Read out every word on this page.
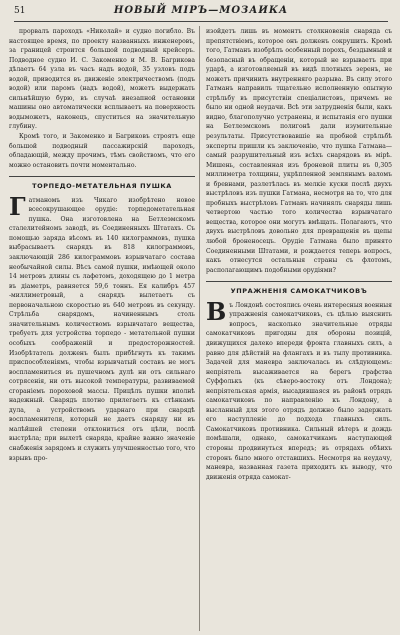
51	НОВЫЙ МІРЪ—МОЗАИКА

прорвалъ пароходъ «Николай» и судно погибло. Въ настоящее время, по проекту названныхъ инженеровъ, за границей строится большой подводный крейсеръ. Подводное судно И. С. Закоменко и М. В. Багрикова дѣлаетъ 64 узла въ часъ надъ водой, 35 узловъ подъ водой, приводится въ движеніе электричествомъ (подъ водой) или паромъ (надъ водой), можетъ выдержать сильнѣйшую бурю, въ случаѣ внезапной остановки машины оно автоматически всплываетъ на поверхность водыможетъ, наконецъ, спуститься на значительную глубину.

Кромѣ того, и Закоменко и Багриковъ строятъ еще большой подводный пассажирскій пароходъ, обладающій, между прочимъ, тѣмъ свойствомъ, что его можно остановить почти моментально.

ТОРПЕДО-МЕТАТЕЛЬНАЯ ПУШКА

Гатманомъ изъ Чикаго изобрѣтено новое всесокрушающее орудіе: торпедометательная пушка. Она изготовлена на Бетлеэмскомъ сталелитейномъ заводѣ, въ Соединенныхъ Штатахъ. Съ помощью заряда вѣсомъ въ 140 килограммовъ, пушка выбрасываетъ снарядъ въ 818 килограммовъ, заключающій 286 килограммовъ взрывчатаго состава необычайной силы. Вѣсъ самой пушки, имѣющей около 14 метровъ длины съ лафетомъ, доходящею до 1 метра въ діаметръ, равняется 59,6 тоннъ. Ея калибръ 457 -миллиметровый, а снарядъ вылетаетъ съ первоначальною скоростью въ 640 метровъ въ секунду. Стрѣльба снарядомъ, начиненнымъ столь значительнымъ количествомъ взрывчатаго вещества, требуетъ для устройства торпедо - метательной пушки особыхъ соображеній и предосторожностей. Изобрѣтатель долженъ былъ прибѣгнуть къ такимъ приспособленіямъ, чтобы взрывчатый составъ не могъ воспламениться въ пушечномъ дулѣ ни отъ сильнаго сотрясенія, ни отъ высокой температуры, развиваемой сгораніемъ пороховой массы. Прицѣлъ пушки вполнѣ надежный. Снарядъ плотно прилегаетъ къ стѣнкамъ дула, а устройствомъ ударнаго при снарядѣ воспламенителя, который не даетъ снаряду ни въ малѣйшей степени отклониться отъ цѣли, послѣ выстрѣла; при вылетѣ снаряда, крайне важно значеніе снабженія зарядомъ и служить улучшенностью того, что взрывъ про-

изойдетъ лишь въ моментъ столкновенія снаряда съ препятствіемъ, которое онъ долженъ сокрушить. Кромѣ того, Гатманъ изобрѣлъ особенный порохъ, бездымный и безопасный въ обращеніи, который не взрываетъ при ударѣ, а изготовляемый въ видѣ плотныхъ зеренъ, не можетъ причинить внутренняго разрыва. Въ силу этого Гатманъ направилъ тщательно исполненную опытную стрѣльбу въ присутствіи спеціалистовъ, причемъ не было ни одной неудачи. Всѣ эти затрудненія были, какъ видно, благополучно устранены, и испытанія его пушки на Бетлеэмскомъ полигонѣ дали изумительные результаты. Присутствовавшіе на пробной стрѣльбѣ эксперты пришли къ заключенію, что пушка Гатмана—самый разрушительный изъ всѣхъ снарядовъ въ мірѣ. Мишень, составленная изъ броневой плиты въ 0,305 миллиметра толщины, укрѣпленной землянымъ валомъ и бревнами, разлетѣлась въ мелкіе куски послѣ двухъ выстрѣловъ изъ пушки Гатмана, несмотря на то, что для пробныхъ выстрѣловъ Гатманъ начинялъ снаряды лишь четвертою частью того количества взрывчатаго вещества, которое они могутъ вмѣщать. Полагаютъ, что двухъ выстрѣловъ довольно для превращенія въ щепы любой броненосецъ. Орудіе Гатмана было принято Соединенными Штатами, и рождается теперь вопросъ, какъ отнесутся остальныя страны съ флотомъ, располагающимъ подобными орудіями?

УПРАЖНЕНІЯ САМОКАТЧИКОВЪ

Въ Лондонѣ состоялись очень интересныя военныя упражненія самокатчиковъ, съ цѣлью выяснить вопросъ, насколько значительные отряды самокатчиковъ пригодны для обороны позицій, движущихся далеко впереди фронта главныхъ силъ, а равно для дѣйствій на флангахъ и въ тылу противника. Задачей для маневра заключалась въ слѣдующемъ: непріятель высаживается на берегъ графства Суффолькъ (къ сѣверо-востоку отъ Лондона); непріятельская армія, высадившаяся въ районѣ отрядъ самокатчиковъ по направленію къ Лондону, а высланный для этого отрядъ должно было задержать его наступленіе до подхода главныхъ силъ. Самокатчиковъ противника. Сильный вѣтеръ и дождь помѣшали, однако, самокатчикамъ наступающей стороны продвинуться впередъ; въ отрядахъ обѣихъ сторонъ было много отставшихъ. Несмотря на неудачу, маневра, названная газета приходитъ къ выводу, что движенія отряда самокат-
